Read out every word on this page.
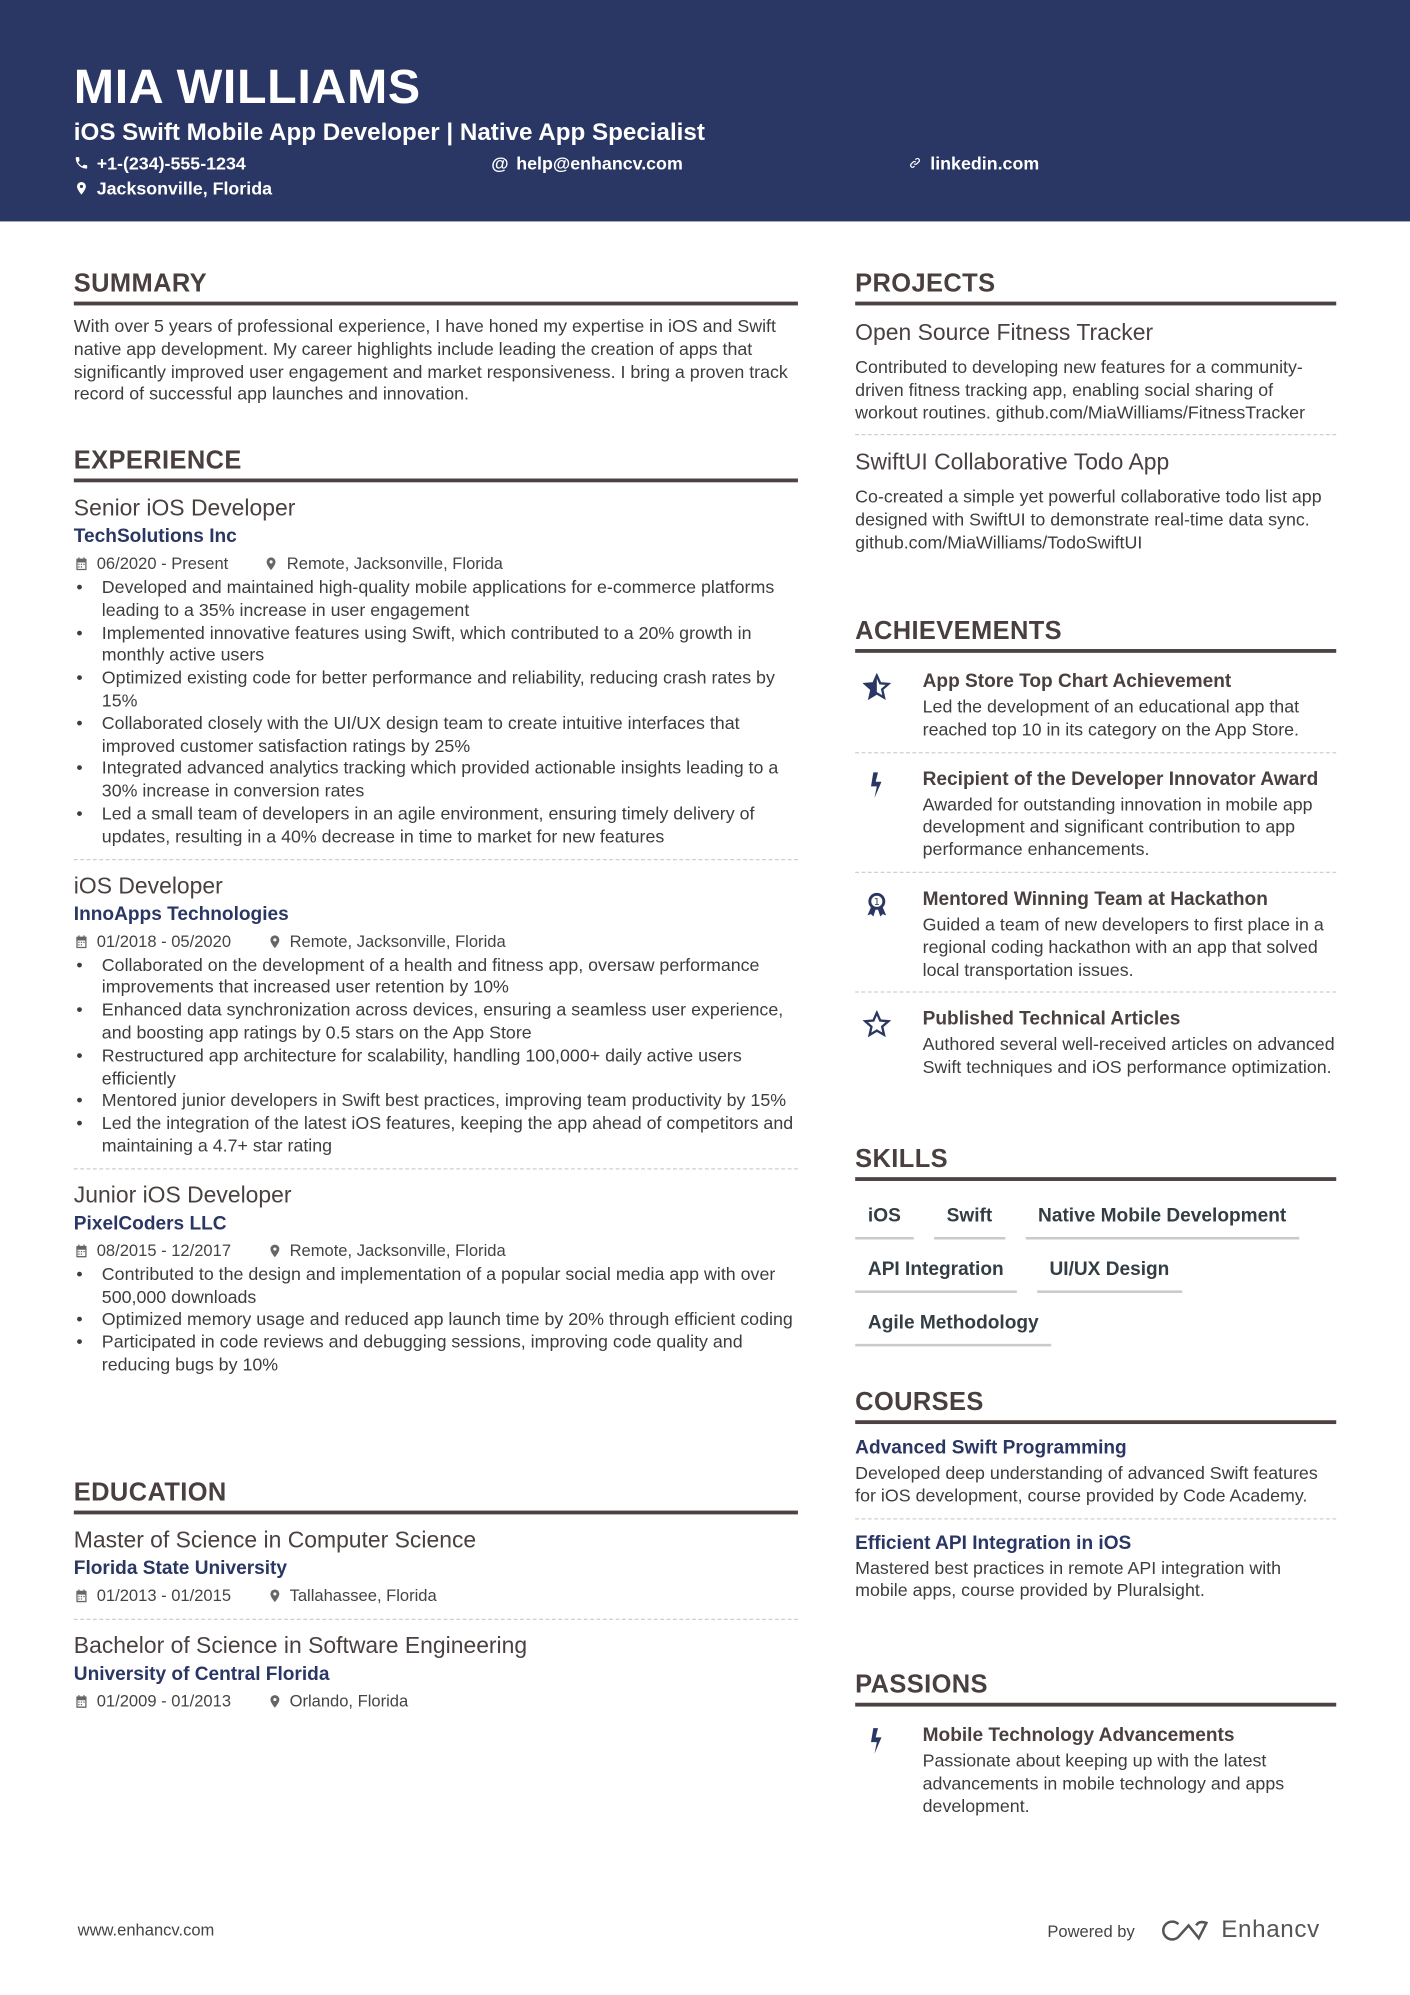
MIA WILLIAMS
iOS Swift Mobile App Developer | Native App Specialist
+1-(234)-555-1234	@ help@enhancv.com	linkedin.com
Jacksonville, Florida
SUMMARY
With over 5 years of professional experience, I have honed my expertise in iOS and Swift native app development. My career highlights include leading the creation of apps that significantly improved user engagement and market responsiveness. I bring a proven track record of successful app launches and innovation.
EXPERIENCE
Senior iOS Developer
TechSolutions Inc
06/2020 - Present	Remote, Jacksonville, Florida
• Developed and maintained high-quality mobile applications for e-commerce platforms leading to a 35% increase in user engagement
• Implemented innovative features using Swift, which contributed to a 20% growth in monthly active users
• Optimized existing code for better performance and reliability, reducing crash rates by 15%
• Collaborated closely with the UI/UX design team to create intuitive interfaces that improved customer satisfaction ratings by 25%
• Integrated advanced analytics tracking which provided actionable insights leading to a 30% increase in conversion rates
• Led a small team of developers in an agile environment, ensuring timely delivery of updates, resulting in a 40% decrease in time to market for new features
iOS Developer
InnoApps Technologies
01/2018 - 05/2020	Remote, Jacksonville, Florida
• Collaborated on the development of a health and fitness app, oversaw performance improvements that increased user retention by 10%
• Enhanced data synchronization across devices, ensuring a seamless user experience, and boosting app ratings by 0.5 stars on the App Store
• Restructured app architecture for scalability, handling 100,000+ daily active users efficiently
• Mentored junior developers in Swift best practices, improving team productivity by 15%
• Led the integration of the latest iOS features, keeping the app ahead of competitors and maintaining a 4.7+ star rating
Junior iOS Developer
PixelCoders LLC
08/2015 - 12/2017	Remote, Jacksonville, Florida
• Contributed to the design and implementation of a popular social media app with over 500,000 downloads
• Optimized memory usage and reduced app launch time by 20% through efficient coding
• Participated in code reviews and debugging sessions, improving code quality and reducing bugs by 10%
EDUCATION
Master of Science in Computer Science
Florida State University
01/2013 - 01/2015	Tallahassee, Florida
Bachelor of Science in Software Engineering
University of Central Florida
01/2009 - 01/2013	Orlando, Florida
PROJECTS
Open Source Fitness Tracker
Contributed to developing new features for a community-driven fitness tracking app, enabling social sharing of workout routines. github.com/MiaWilliams/FitnessTracker
SwiftUI Collaborative Todo App
Co-created a simple yet powerful collaborative todo list app designed with SwiftUI to demonstrate real-time data sync. github.com/MiaWilliams/TodoSwiftUI
ACHIEVEMENTS
App Store Top Chart Achievement
Led the development of an educational app that reached top 10 in its category on the App Store.
Recipient of the Developer Innovator Award
Awarded for outstanding innovation in mobile app development and significant contribution to app performance enhancements.
1	Mentored Winning Team at Hackathon
Guided a team of new developers to first place in a regional coding hackathon with an app that solved local transportation issues.
Published Technical Articles
Authored several well-received articles on advanced Swift techniques and iOS performance optimization.
SKILLS
iOS	Swift	Native Mobile Development
API Integration	UI/UX Design
Agile Methodology
COURSES
Advanced Swift Programming
Developed deep understanding of advanced Swift features for iOS development, course provided by Code Academy.
Efficient API Integration in iOS
Mastered best practices in remote API integration with mobile apps, course provided by Pluralsight.
PASSIONS
Mobile Technology Advancements
Passionate about keeping up with the latest advancements in mobile technology and apps development.
www.enhancv.com	Powered by	Enhancv
